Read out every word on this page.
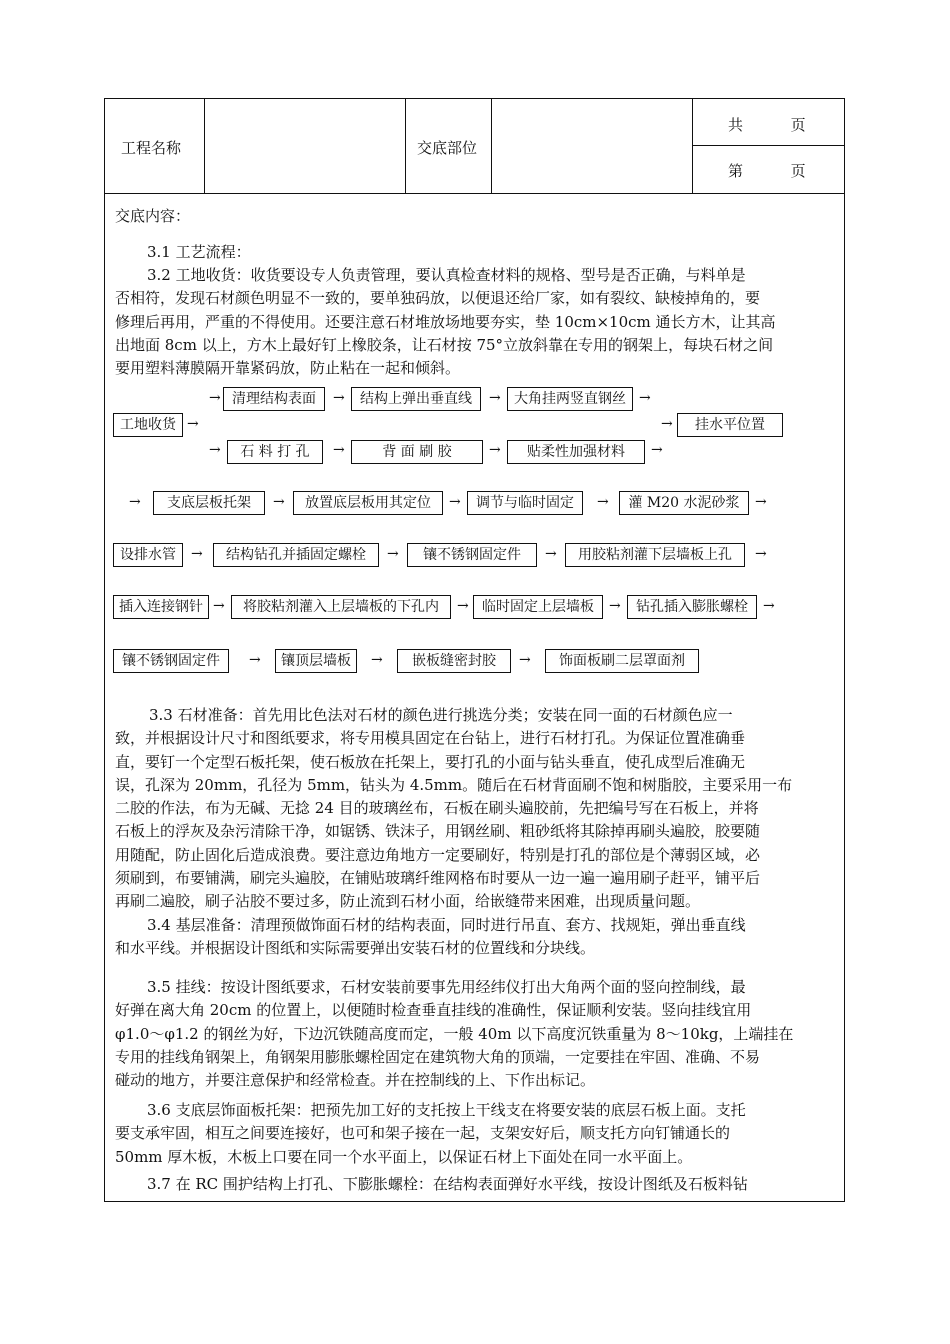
工程名称	交底部位
共          页
第          页
交底内容：
3.1 工艺流程：
3.2 工地收货：收货要设专人负责管理，要认真检查材料的规格、型号是否正确，与料单是
否相符，发现石材颜色明显不一致的，要单独码放，以便退还给厂家，如有裂纹、缺棱掉角的，要
修理后再用，严重的不得使用。还要注意石材堆放场地要夯实，垫 10cm×10cm 通长方木，让其高
出地面 8cm 以上，方木上最好钉上橡胶条，让石材按 75°立放斜靠在专用的钢架上，每块石材之间
要用塑料薄膜隔开靠紧码放，防止粘在一起和倾斜。
工地收货 →
→ 清理结构表面	→	结构上弹出垂直线	→ 大角挂两竖直钢丝 →
→	石 料 打 孔	→	背 面 刷 胶	→	贴柔性加强材料	→
→	挂水平位置
→	支底层板托架	→	放置底层板用其定位	→	调节与临时固定	→	灌 M20 水泥砂浆	→
设排水管	→	结构钻孔并插固定螺栓	→	镶不锈钢固定件	→	用胶粘剂灌下层墙板上孔	→
插入连接钢针 →	将胶粘剂灌入上层墙板的下孔内	→ 临时固定上层墙板	→	钻孔插入膨胀螺栓	→
镶不锈钢固定件	→	镶顶层墙板	→	嵌板缝密封胶	→	饰面板刷二层罩面剂
3.3 石材准备：首先用比色法对石材的颜色进行挑选分类；安装在同一面的石材颜色应一
致，并根据设计尺寸和图纸要求，将专用模具固定在台钻上，进行石材打孔。为保证位置准确垂
直，要钉一个定型石板托架，使石板放在托架上，要打孔的小面与钻头垂直，使孔成型后准确无
误，孔深为 20mm，孔径为 5mm，钻头为 4.5mm。随后在石材背面刷不饱和树脂胶，主要采用一布
二胶的作法，布为无碱、无捻 24 目的玻璃丝布，石板在刷头遍胶前，先把编号写在石板上，并将
石板上的浮灰及杂污清除干净，如锯锈、铁沫子，用钢丝刷、粗砂纸将其除掉再刷头遍胶，胶要随
用随配，防止固化后造成浪费。要注意边角地方一定要刷好，特别是打孔的部位是个薄弱区域，必
须刷到，布要铺满，刷完头遍胶，在铺贴玻璃纤维网格布时要从一边一遍一遍用刷子赶平，铺平后
再刷二遍胶，刷子沾胶不要过多，防止流到石材小面，给嵌缝带来困难，出现质量问题。
3.4 基层准备：清理预做饰面石材的结构表面，同时进行吊直、套方、找规矩，弹出垂直线
和水平线。并根据设计图纸和实际需要弹出安装石材的位置线和分块线。
3.5 挂线：按设计图纸要求，石材安装前要事先用经纬仪打出大角两个面的竖向控制线，最
好弹在离大角 20cm 的位置上，以便随时检查垂直挂线的准确性，保证顺利安装。竖向挂线宜用
φ1.0～φ1.2 的钢丝为好，下边沉铁随高度而定，一般 40m 以下高度沉铁重量为 8～10kg，上端挂在
专用的挂线角钢架上，角钢架用膨胀螺栓固定在建筑物大角的顶端，一定要挂在牢固、准确、不易
碰动的地方，并要注意保护和经常检查。并在控制线的上、下作出标记。
3.6 支底层饰面板托架：把预先加工好的支托按上干线支在将要安装的底层石板上面。支托
要支承牢固，相互之间要连接好，也可和架子接在一起，支架安好后，顺支托方向钉铺通长的
50mm 厚木板，木板上口要在同一个水平面上，以保证石材上下面处在同一水平面上。
3.7 在 RC 围护结构上打孔、下膨胀螺栓：在结构表面弹好水平线，按设计图纸及石板料钻
